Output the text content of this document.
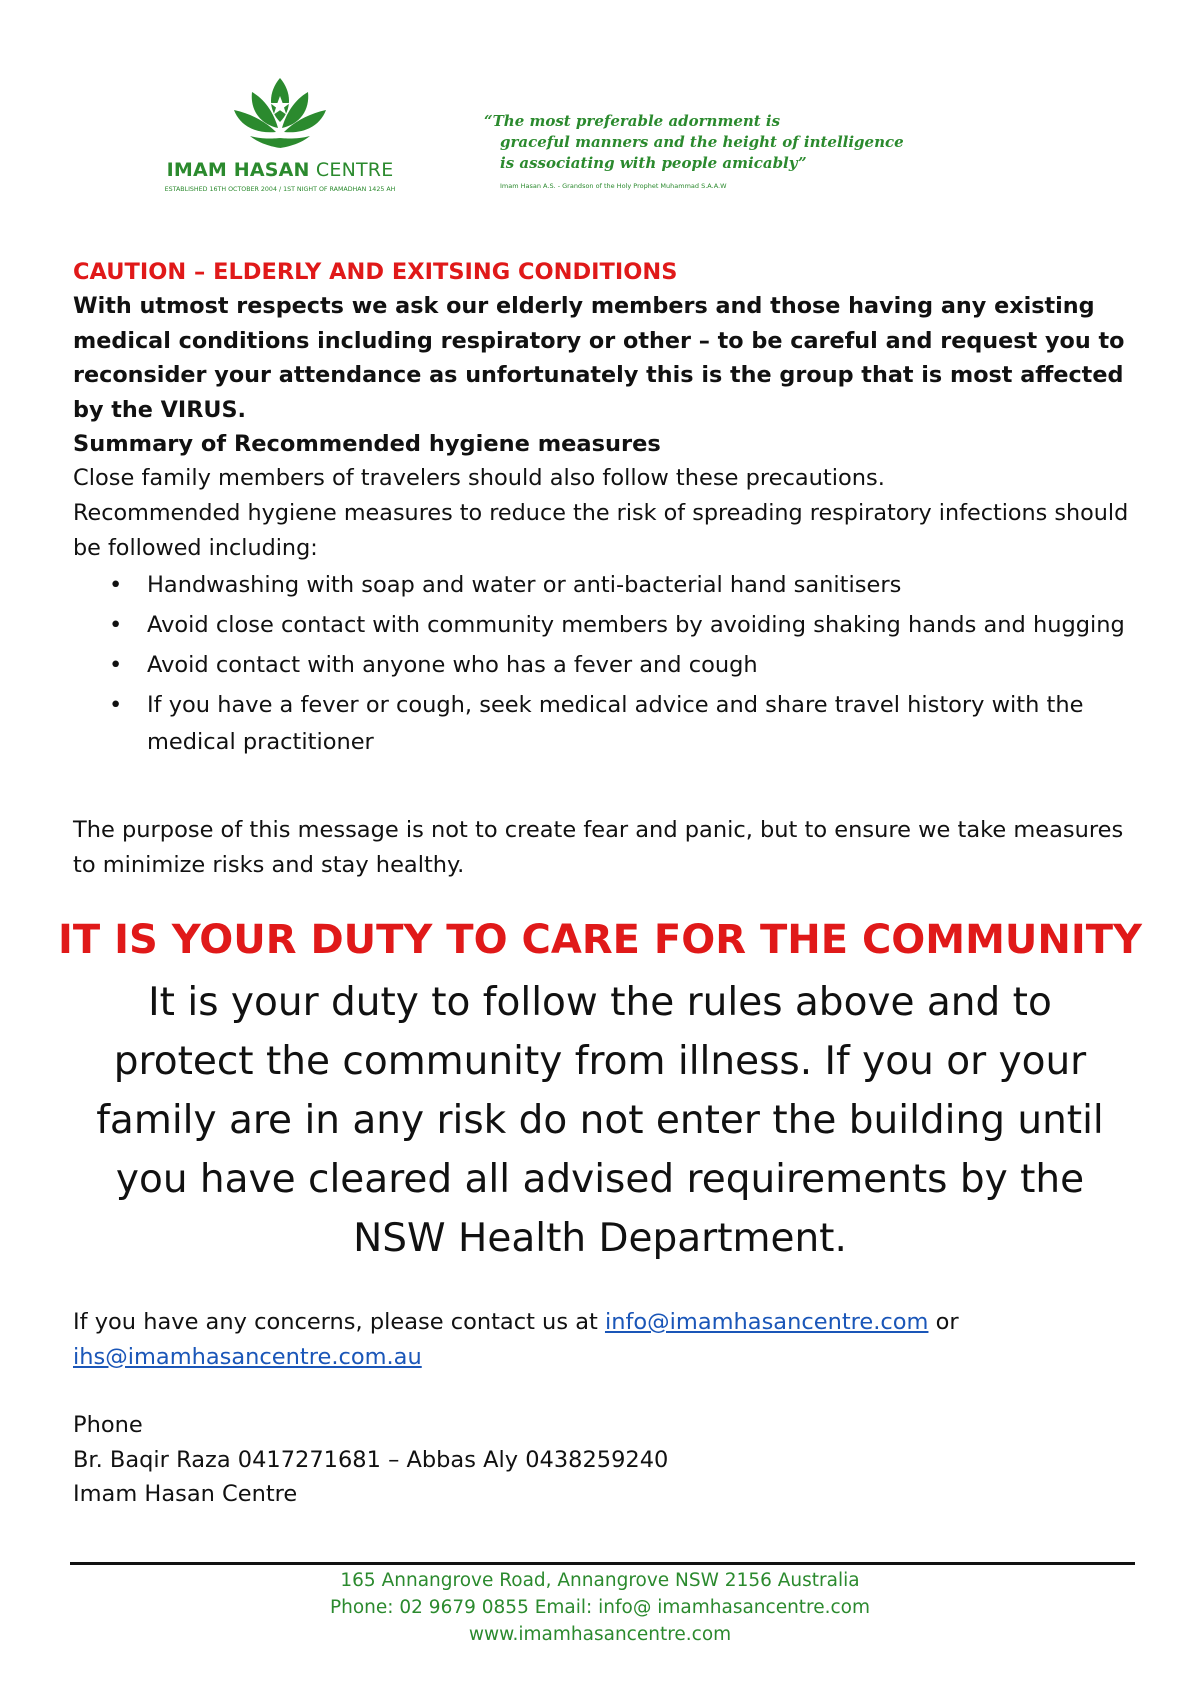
IMAM HASAN CENTRE
ESTABLISHED 16TH OCTOBER 2004 / 1ST NIGHT OF RAMADHAN 1425 AH
“The most preferable adornment is
graceful manners and the height of intelligence
is associating with people amicably”
Imam Hasan A.S. - Grandson of the Holy Prophet Muhammad S.A.A.W
CAUTION – ELDERLY AND EXITSING CONDITIONS
With utmost respects we ask our elderly members and those having any existing medical conditions including respiratory or other – to be careful and request you to reconsider your attendance as unfortunately this is the group that is most affected by the VIRUS.
Summary of Recommended hygiene measures
Close family members of travelers should also follow these precautions.
Recommended hygiene measures to reduce the risk of spreading respiratory infections should be followed including:
• Handwashing with soap and water or anti-bacterial hand sanitisers
• Avoid close contact with community members by avoiding shaking hands and hugging
• Avoid contact with anyone who has a fever and cough
• If you have a fever or cough, seek medical advice and share travel history with the medical practitioner
The purpose of this message is not to create fear and panic, but to ensure we take measures to minimize risks and stay healthy.
IT IS YOUR DUTY TO CARE FOR THE COMMUNITY
It is your duty to follow the rules above and to protect the community from illness. If you or your family are in any risk do not enter the building until you have cleared all advised requirements by the NSW Health Department.
If you have any concerns, please contact us at info@imamhasancentre.com or
ihs@imamhasancentre.com.au
Phone
Br. Baqir Raza 0417271681 – Abbas Aly 0438259240
Imam Hasan Centre
165 Annangrove Road, Annangrove NSW 2156 Australia
Phone: 02 9679 0855 Email: info@ imamhasancentre.com
www.imamhasancentre.com
